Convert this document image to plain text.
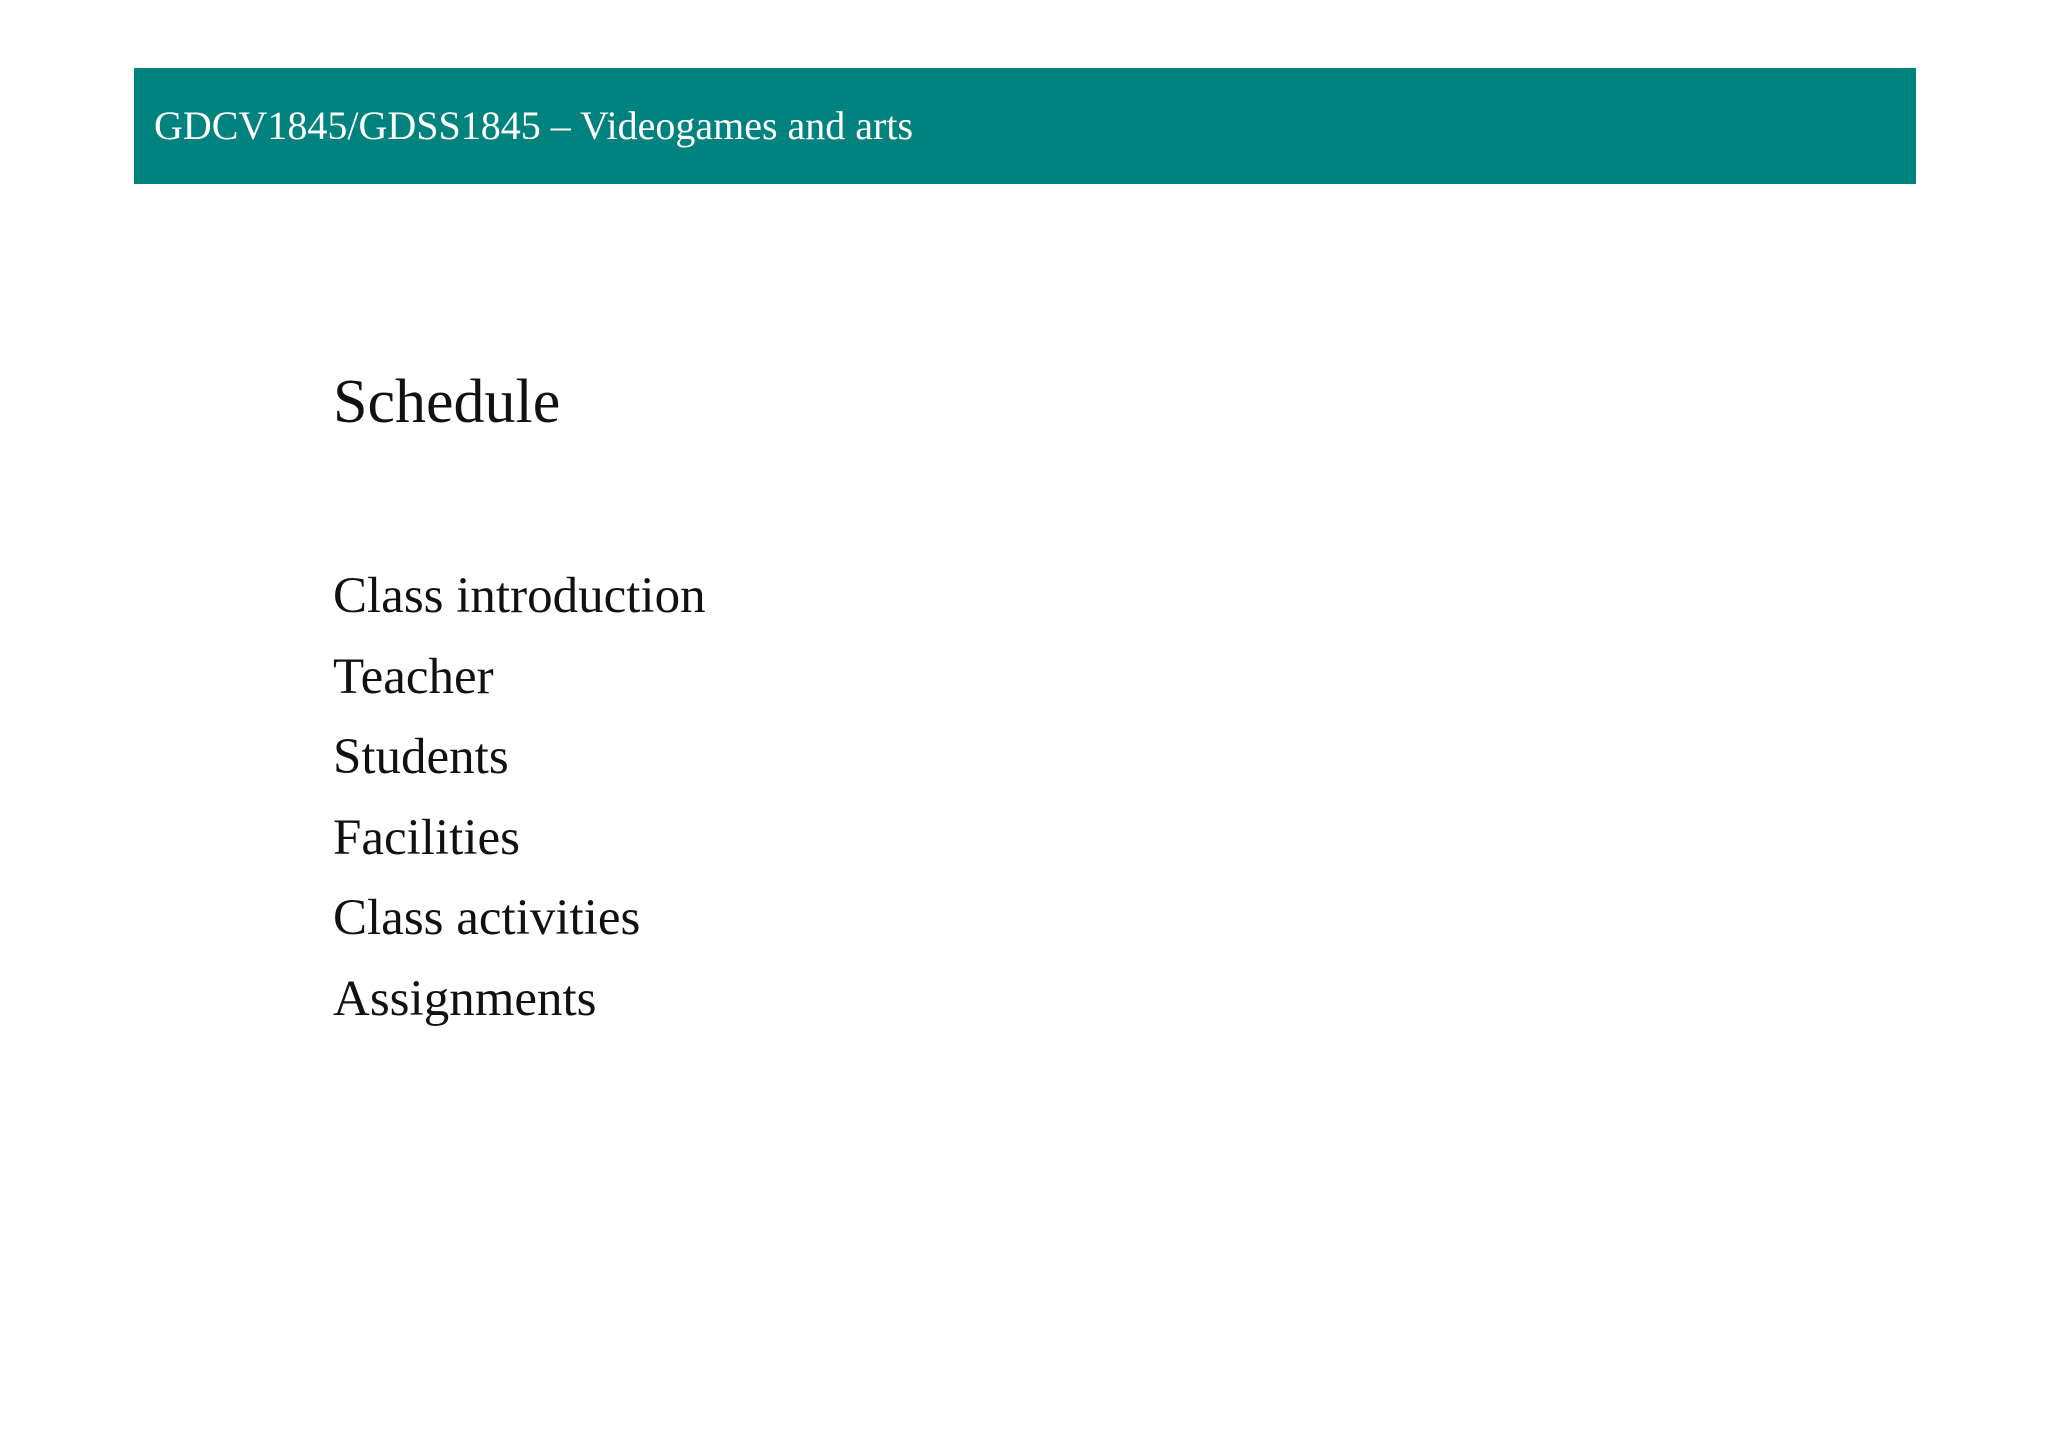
GDCV1845/GDSS1845 – Videogames and arts
Schedule
Class introduction
Teacher
Students
Facilities
Class activities
Assignments
